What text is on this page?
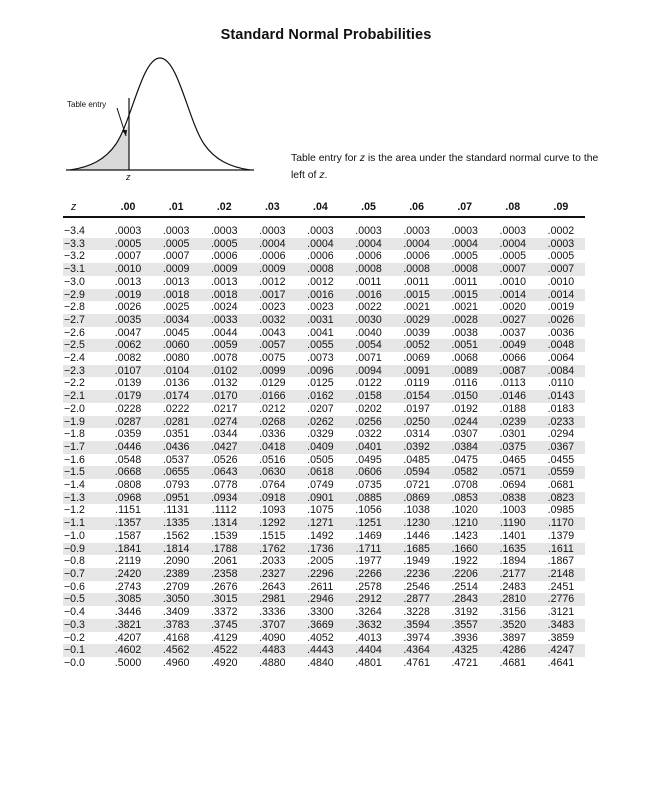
Standard Normal Probabilities
Table entry
z
Table entry for z is the area under the standard normal curve to the left of z.
z	.00	.01	.02	.03	.04	.05	.06	.07	.08	.09
−3.4	.0003	.0003	.0003	.0003	.0003	.0003	.0003	.0003	.0003	.0002
−3.3	.0005	.0005	.0005	.0004	.0004	.0004	.0004	.0004	.0004	.0003
−3.2	.0007	.0007	.0006	.0006	.0006	.0006	.0006	.0005	.0005	.0005
−3.1	.0010	.0009	.0009	.0009	.0008	.0008	.0008	.0008	.0007	.0007
−3.0	.0013	.0013	.0013	.0012	.0012	.0011	.0011	.0011	.0010	.0010
−2.9	.0019	.0018	.0018	.0017	.0016	.0016	.0015	.0015	.0014	.0014
−2.8	.0026	.0025	.0024	.0023	.0023	.0022	.0021	.0021	.0020	.0019
−2.7	.0035	.0034	.0033	.0032	.0031	.0030	.0029	.0028	.0027	.0026
−2.6	.0047	.0045	.0044	.0043	.0041	.0040	.0039	.0038	.0037	.0036
−2.5	.0062	.0060	.0059	.0057	.0055	.0054	.0052	.0051	.0049	.0048
−2.4	.0082	.0080	.0078	.0075	.0073	.0071	.0069	.0068	.0066	.0064
−2.3	.0107	.0104	.0102	.0099	.0096	.0094	.0091	.0089	.0087	.0084
−2.2	.0139	.0136	.0132	.0129	.0125	.0122	.0119	.0116	.0113	.0110
−2.1	.0179	.0174	.0170	.0166	.0162	.0158	.0154	.0150	.0146	.0143
−2.0	.0228	.0222	.0217	.0212	.0207	.0202	.0197	.0192	.0188	.0183
−1.9	.0287	.0281	.0274	.0268	.0262	.0256	.0250	.0244	.0239	.0233
−1.8	.0359	.0351	.0344	.0336	.0329	.0322	.0314	.0307	.0301	.0294
−1.7	.0446	.0436	.0427	.0418	.0409	.0401	.0392	.0384	.0375	.0367
−1.6	.0548	.0537	.0526	.0516	.0505	.0495	.0485	.0475	.0465	.0455
−1.5	.0668	.0655	.0643	.0630	.0618	.0606	.0594	.0582	.0571	.0559
−1.4	.0808	.0793	.0778	.0764	.0749	.0735	.0721	.0708	.0694	.0681
−1.3	.0968	.0951	.0934	.0918	.0901	.0885	.0869	.0853	.0838	.0823
−1.2	.1151	.1131	.1112	.1093	.1075	.1056	.1038	.1020	.1003	.0985
−1.1	.1357	.1335	.1314	.1292	.1271	.1251	.1230	.1210	.1190	.1170
−1.0	.1587	.1562	.1539	.1515	.1492	.1469	.1446	.1423	.1401	.1379
−0.9	.1841	.1814	.1788	.1762	.1736	.1711	.1685	.1660	.1635	.1611
−0.8	.2119	.2090	.2061	.2033	.2005	.1977	.1949	.1922	.1894	.1867
−0.7	.2420	.2389	.2358	.2327	.2296	.2266	.2236	.2206	.2177	.2148
−0.6	.2743	.2709	.2676	.2643	.2611	.2578	.2546	.2514	.2483	.2451
−0.5	.3085	.3050	.3015	.2981	.2946	.2912	.2877	.2843	.2810	.2776
−0.4	.3446	.3409	.3372	.3336	.3300	.3264	.3228	.3192	.3156	.3121
−0.3	.3821	.3783	.3745	.3707	.3669	.3632	.3594	.3557	.3520	.3483
−0.2	.4207	.4168	.4129	.4090	.4052	.4013	.3974	.3936	.3897	.3859
−0.1	.4602	.4562	.4522	.4483	.4443	.4404	.4364	.4325	.4286	.4247
−0.0	.5000	.4960	.4920	.4880	.4840	.4801	.4761	.4721	.4681	.4641
